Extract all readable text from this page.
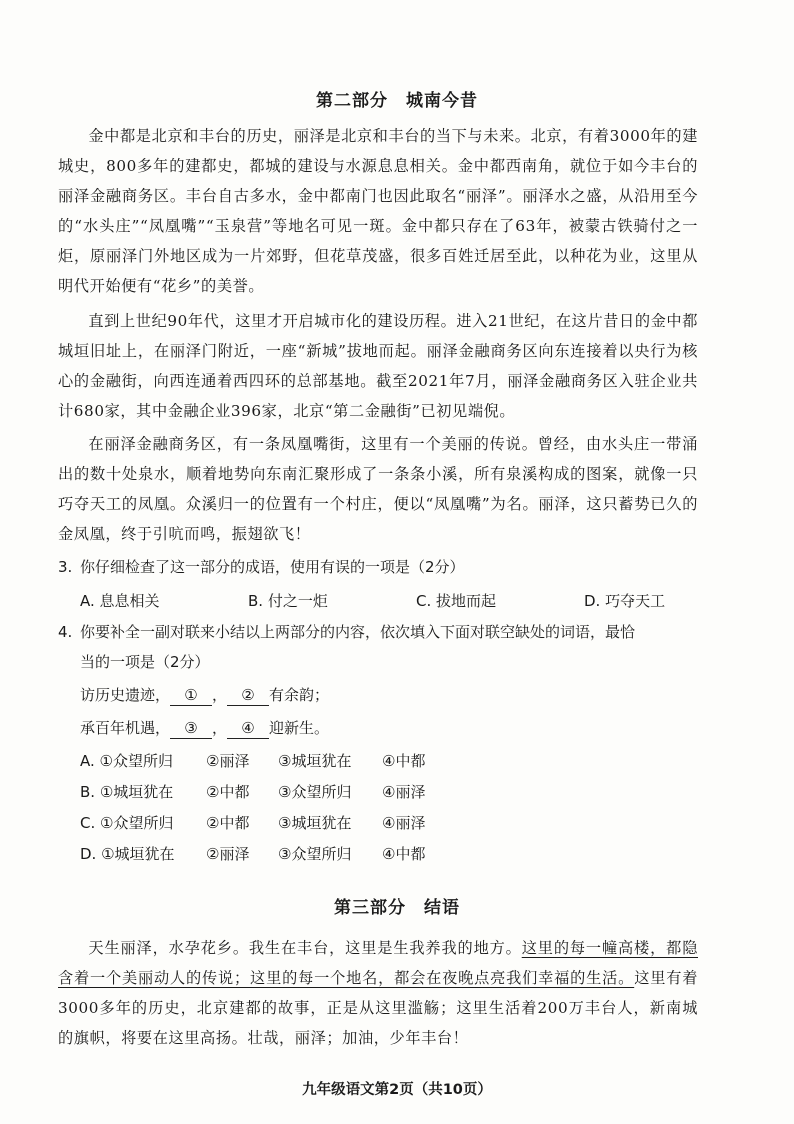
第二部分　城南今昔
金中都是北京和丰台的历史，丽泽是北京和丰台的当下与未来。北京，有着3000年的建城史，800多年的建都史，都城的建设与水源息息相关。金中都西南角，就位于如今丰台的丽泽金融商务区。丰台自古多水，金中都南门也因此取名“丽泽”。丽泽水之盛，从沿用至今的“水头庄”“凤凰嘴”“玉泉营”等地名可见一斑。金中都只存在了63年，被蒙古铁骑付之一炬，原丽泽门外地区成为一片郊野，但花草茂盛，很多百姓迁居至此，以种花为业，这里从明代开始便有“花乡”的美誉。
直到上世纪90年代，这里才开启城市化的建设历程。进入21世纪，在这片昔日的金中都城垣旧址上，在丽泽门附近，一座“新城”拔地而起。丽泽金融商务区向东连接着以央行为核心的金融街，向西连通着西四环的总部基地。截至2021年7月，丽泽金融商务区入驻企业共计680家，其中金融企业396家，北京“第二金融街”已初见端倪。
在丽泽金融商务区，有一条凤凰嘴街，这里有一个美丽的传说。曾经，由水头庄一带涌出的数十处泉水，顺着地势向东南汇聚形成了一条条小溪，所有泉溪构成的图案，就像一只巧夺天工的凤凰。众溪归一的位置有一个村庄，便以“凤凰嘴”为名。丽泽，这只蓄势已久的金凤凰，终于引吭而鸣，振翅欲飞！
3. 你仔细检查了这一部分的成语，使用有误的一项是（2分）
A. 息息相关	B. 付之一炬	C. 拔地而起	D. 巧夺天工
4. 你要补全一副对联来小结以上两部分的内容，依次填入下面对联空缺处的词语，最恰
当的一项是（2分）
访历史遗迹， ① ， ② 有余韵；
承百年机遇， ③ ， ④ 迎新生。
A. ①众望所归 ②丽泽 ③城垣犹在 ④中都
B. ①城垣犹在 ②中都 ③众望所归 ④丽泽
C. ①众望所归 ②中都 ③城垣犹在 ④丽泽
D. ①城垣犹在 ②丽泽 ③众望所归 ④中都
第三部分　结语
天生丽泽，水孕花乡。我生在丰台，这里是生我养我的地方。这里的每一幢高楼，都隐含着一个美丽动人的传说；这里的每一个地名，都会在夜晚点亮我们幸福的生活。这里有着3000多年的历史，北京建都的故事，正是从这里滥觞；这里生活着200万丰台人，新南城的旗帜，将要在这里高扬。壮哉，丽泽；加油，少年丰台！
九年级语文第2页（共10页）
